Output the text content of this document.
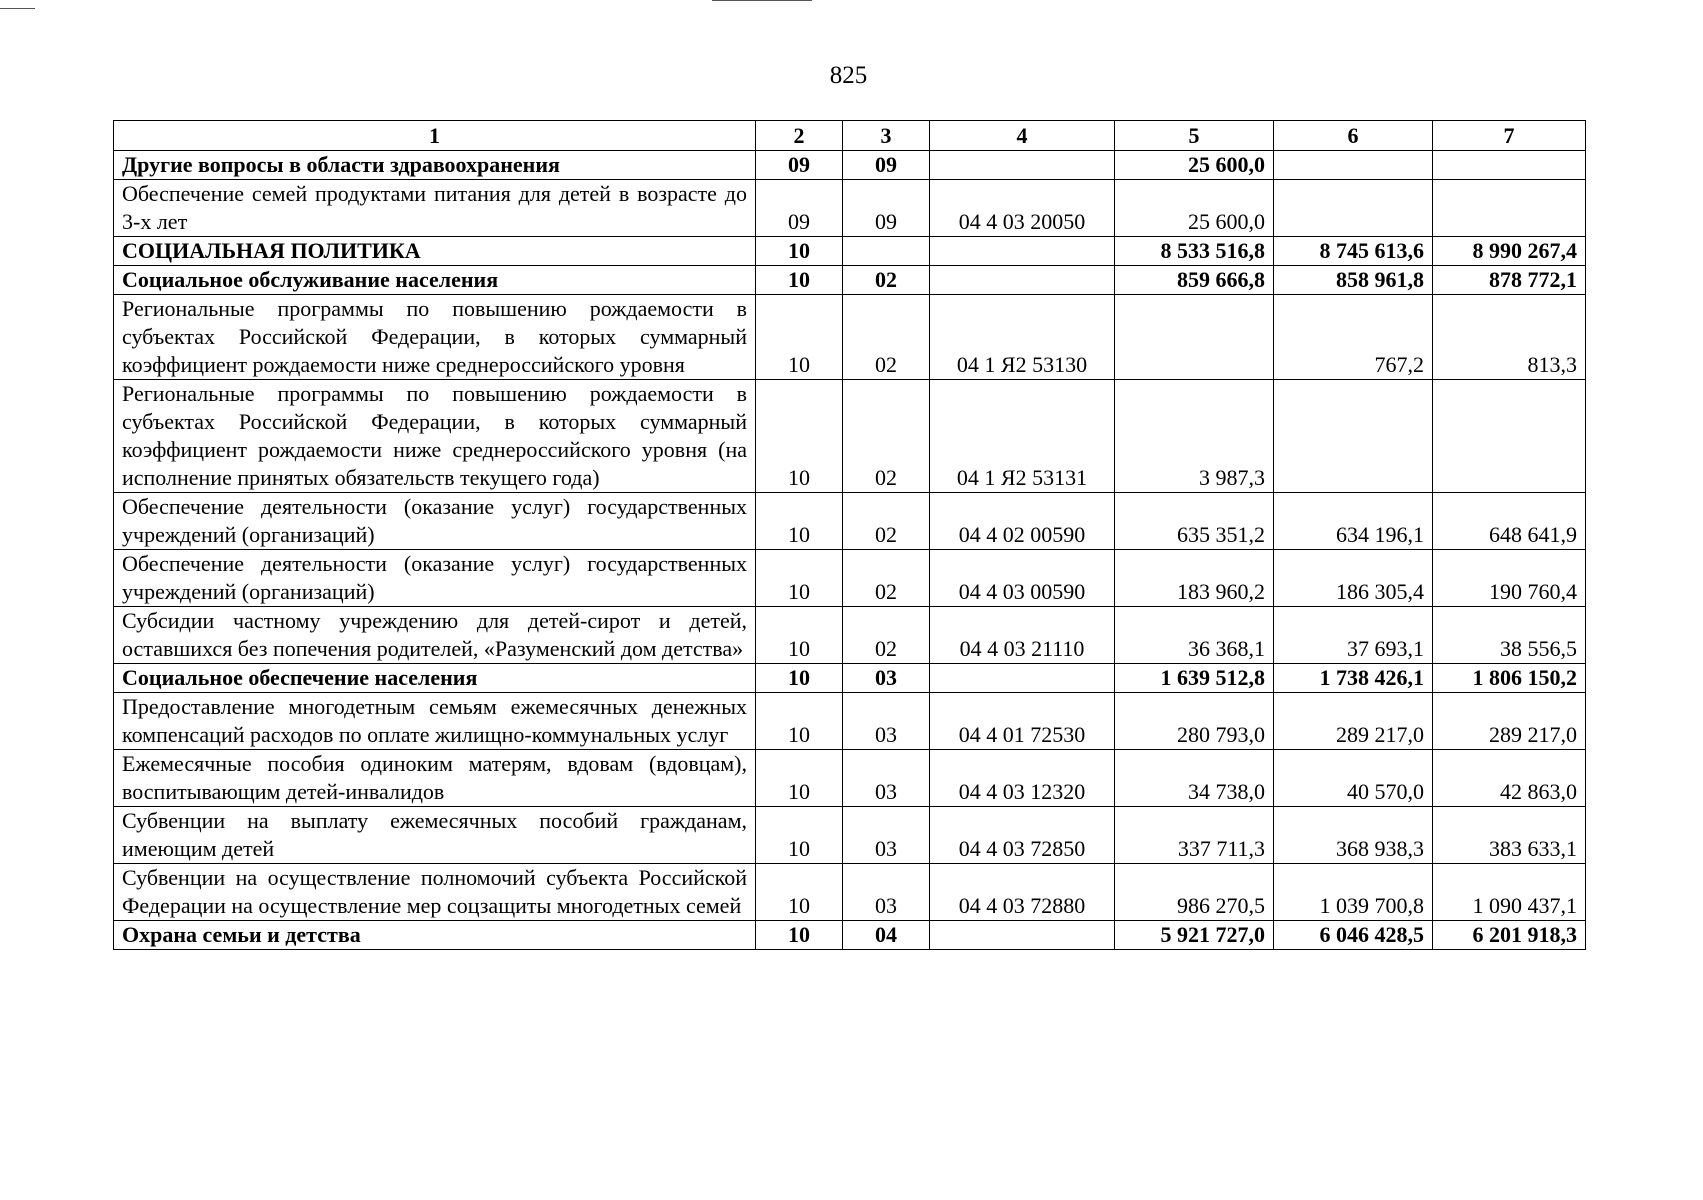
825
1	2	3	4	5	6	7
Другие вопросы в области здравоохранения	09	09		25 600,0		
Обеспечение семей продуктами питания для детей в возрасте до 3-х лет	09	09	04 4 03 20050	25 600,0		
СОЦИАЛЬНАЯ ПОЛИТИКА	10			8 533 516,8	8 745 613,6	8 990 267,4
Социальное обслуживание населения	10	02		859 666,8	858 961,8	878 772,1
Региональные программы по повышению рождаемости в субъектах Российской Федерации, в которых суммарный коэффициент рождаемости ниже среднероссийского уровня	10	02	04 1 Я2 53130		767,2	813,3
Региональные программы по повышению рождаемости в субъектах Российской Федерации, в которых суммарный коэффициент рождаемости ниже среднероссийского уровня (на исполнение принятых обязательств текущего года)	10	02	04 1 Я2 53131	3 987,3		
Обеспечение деятельности (оказание услуг) государственных учреждений (организаций)	10	02	04 4 02 00590	635 351,2	634 196,1	648 641,9
Обеспечение деятельности (оказание услуг) государственных учреждений (организаций)	10	02	04 4 03 00590	183 960,2	186 305,4	190 760,4
Субсидии частному учреждению для детей-сирот и детей, оставшихся без попечения родителей, «Разуменский дом детства»	10	02	04 4 03 21110	36 368,1	37 693,1	38 556,5
Социальное обеспечение населения	10	03		1 639 512,8	1 738 426,1	1 806 150,2
Предоставление многодетным семьям ежемесячных денежных компенсаций расходов по оплате жилищно-коммунальных услуг	10	03	04 4 01 72530	280 793,0	289 217,0	289 217,0
Ежемесячные пособия одиноким матерям, вдовам (вдовцам), воспитывающим детей-инвалидов	10	03	04 4 03 12320	34 738,0	40 570,0	42 863,0
Субвенции на выплату ежемесячных пособий гражданам, имеющим детей	10	03	04 4 03 72850	337 711,3	368 938,3	383 633,1
Субвенции на осуществление полномочий субъекта Российской Федерации на осуществление мер соцзащиты многодетных семей	10	03	04 4 03 72880	986 270,5	1 039 700,8	1 090 437,1
Охрана семьи и детства	10	04		5 921 727,0	6 046 428,5	6 201 918,3
